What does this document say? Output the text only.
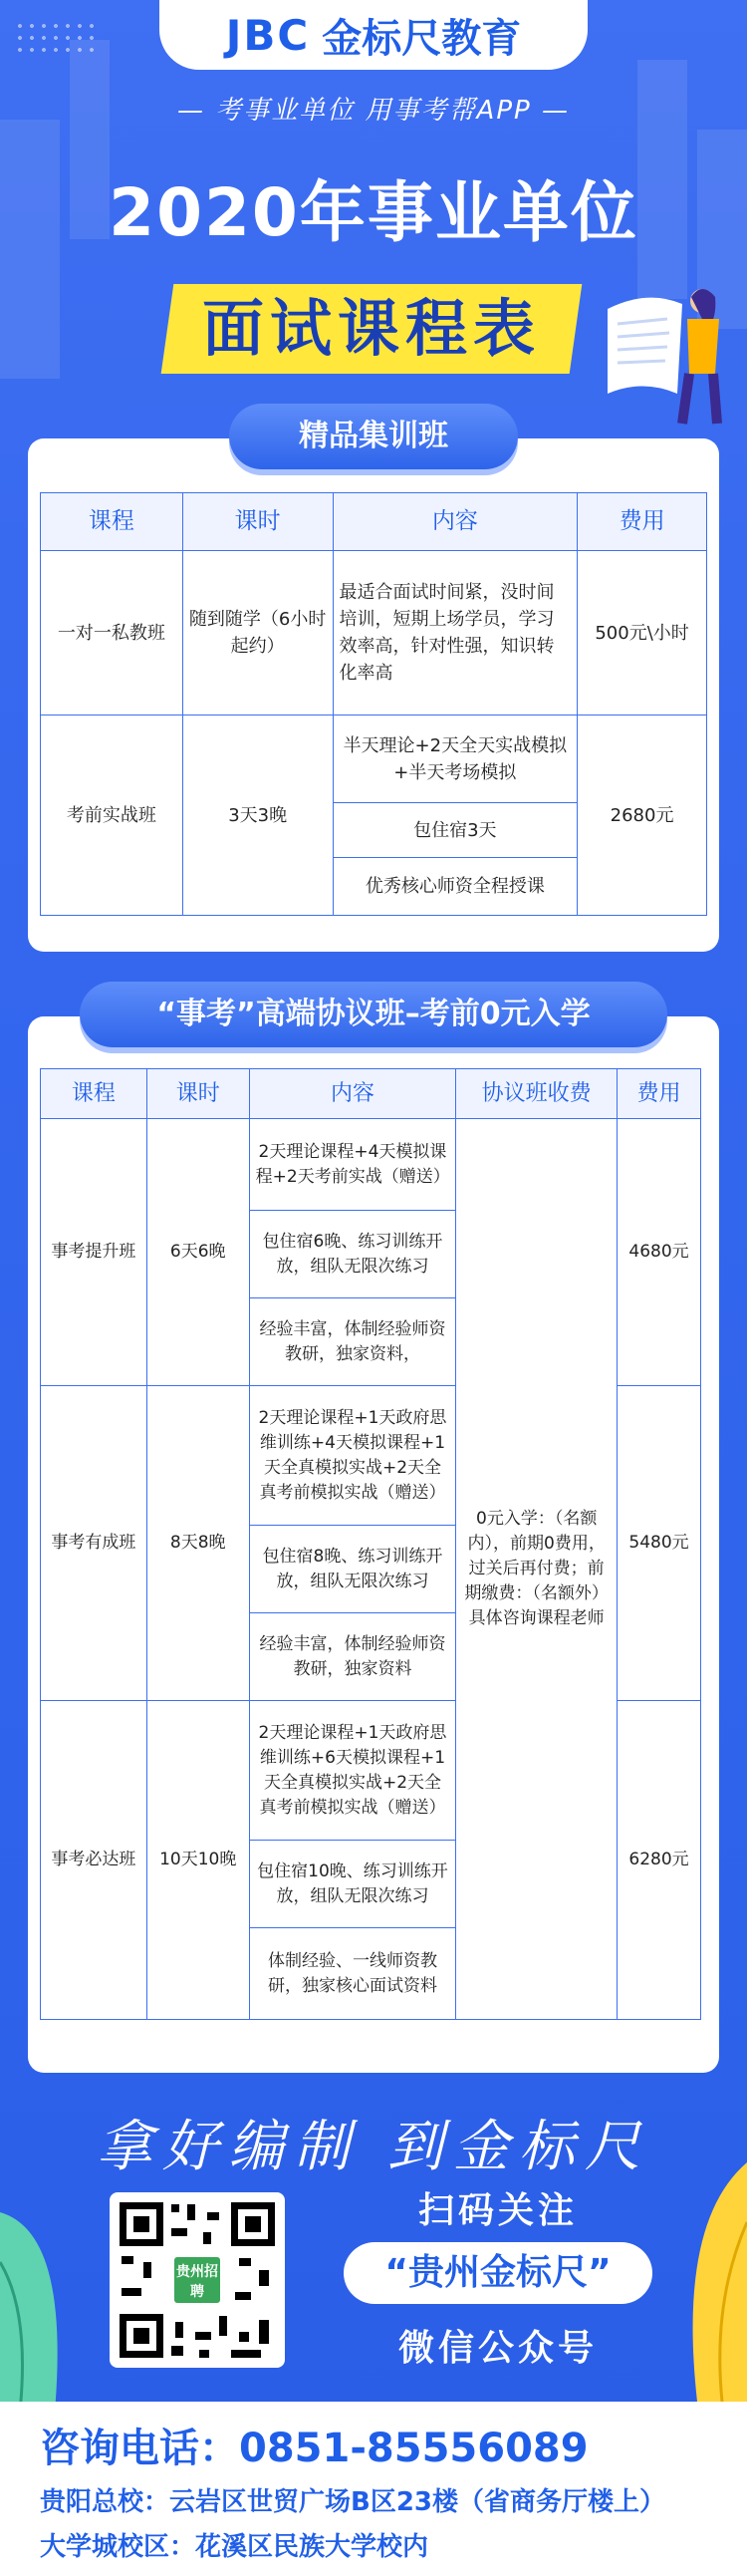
JBC 金标尺教育
— 考事业单位 用事考帮APP —
2020年事业单位
面试课程表
精品集训班
课程	课时	内容	费用
一对一私教班	随到随学（6小时起约）	最适合面试时间紧，没时间培训，短期上场学员，学习效率高，针对性强，知识转化率高	500元\小时
考前实战班	3天3晚	半天理论+2天全天实战模拟+半天考场模拟	2680元
		包住宿3天	
		优秀核心师资全程授课	
“事考”高端协议班–考前0元入学
课程	课时	内容	协议班收费	费用
事考提升班	6天6晚	2天理论课程+4天模拟课程+2天考前实战（赠送）	0元入学：（名额内），前期0费用，过关后再付费；前期缴费：（名额外）具体咨询课程老师	4680元
		包住宿6晚、练习训练开放，组队无限次练习		
		经验丰富，体制经验师资教研，独家资料，		
事考有成班	8天8晚	2天理论课程+1天政府思维训练+4天模拟课程+1天全真模拟实战+2天全真考前模拟实战（赠送）		5480元
		包住宿8晚、练习训练开放，组队无限次练习		
		经验丰富，体制经验师资教研，独家资料		
事考必达班	10天10晚	2天理论课程+1天政府思维训练+6天模拟课程+1天全真模拟实战+2天全真考前模拟实战（赠送）		6280元
		包住宿10晚、练习训练开放，组队无限次练习		
		体制经验、一线师资教研，独家核心面试资料		
拿好编制 到金标尺
贵州招聘
扫码关注
“贵州金标尺”
微信公众号
咨询电话：0851-85556089
贵阳总校：云岩区世贸广场B区23楼（省商务厅楼上）
大学城校区：花溪区民族大学校内
